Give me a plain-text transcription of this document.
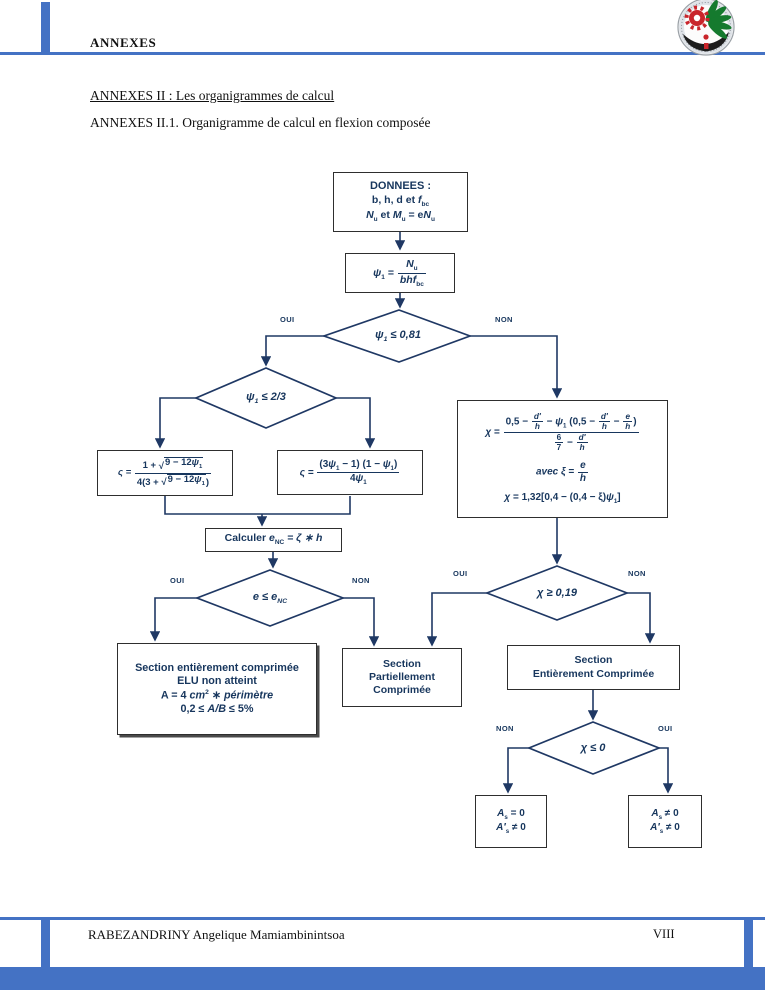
ANNEXES
ANNEXES II : Les organigrammes de calcul
ANNEXES II.1. Organigramme de calcul en flexion composée
DONNEES :
b, h, d et $f_{bc}$
$N_u$ et $M_u = eN_u$
$\psi_1 = \frac{N_u}{bhf_{bc}}$
$\varsigma = \frac{1 + √ 9 - 12\psi_1}{4(3 + √ 9 - 12\psi_1 )}$	$\varsigma = \frac{(3\psi_1 - 1) (1 - \psi_1)}{4\psi_1}$
$\chi = \frac{0,5 - \frac{d'}{h} - \psi_1 (0,5 - \frac{d'}{h} - \frac{e}{h} )}{\frac{6}{7} - \frac{d'}{h}}$
avec $\xi = \frac{e}{h}$
$\chi = 1,32[0,4 - (0,4 - \xi)\psi_1]$
Calculer $e_{NC} = \zeta$ ∗ h
Section entièrement comprimée
ELU non atteint
A = 4 $cm^2$ ∗ périmètre
0,2 ≤ A/B ≤ 5%
Section
Partiellement
Comprimée
Section
Entièrement Comprimée
$A_s = 0$
$A'_s \ne 0$
$A_s \ne 0$
$A'_s \ne 0$
$\psi_1 \le 0,81$
$\psi_1 \le 2/3$
$e \le e_{NC}$
χ ≥ 0,19
χ ≤ 0
OUI	NON
OUI	NON
OUI	NON
NON	OUI
RABEZANDRINY Angelique Mamiambinintsoa	VIII
